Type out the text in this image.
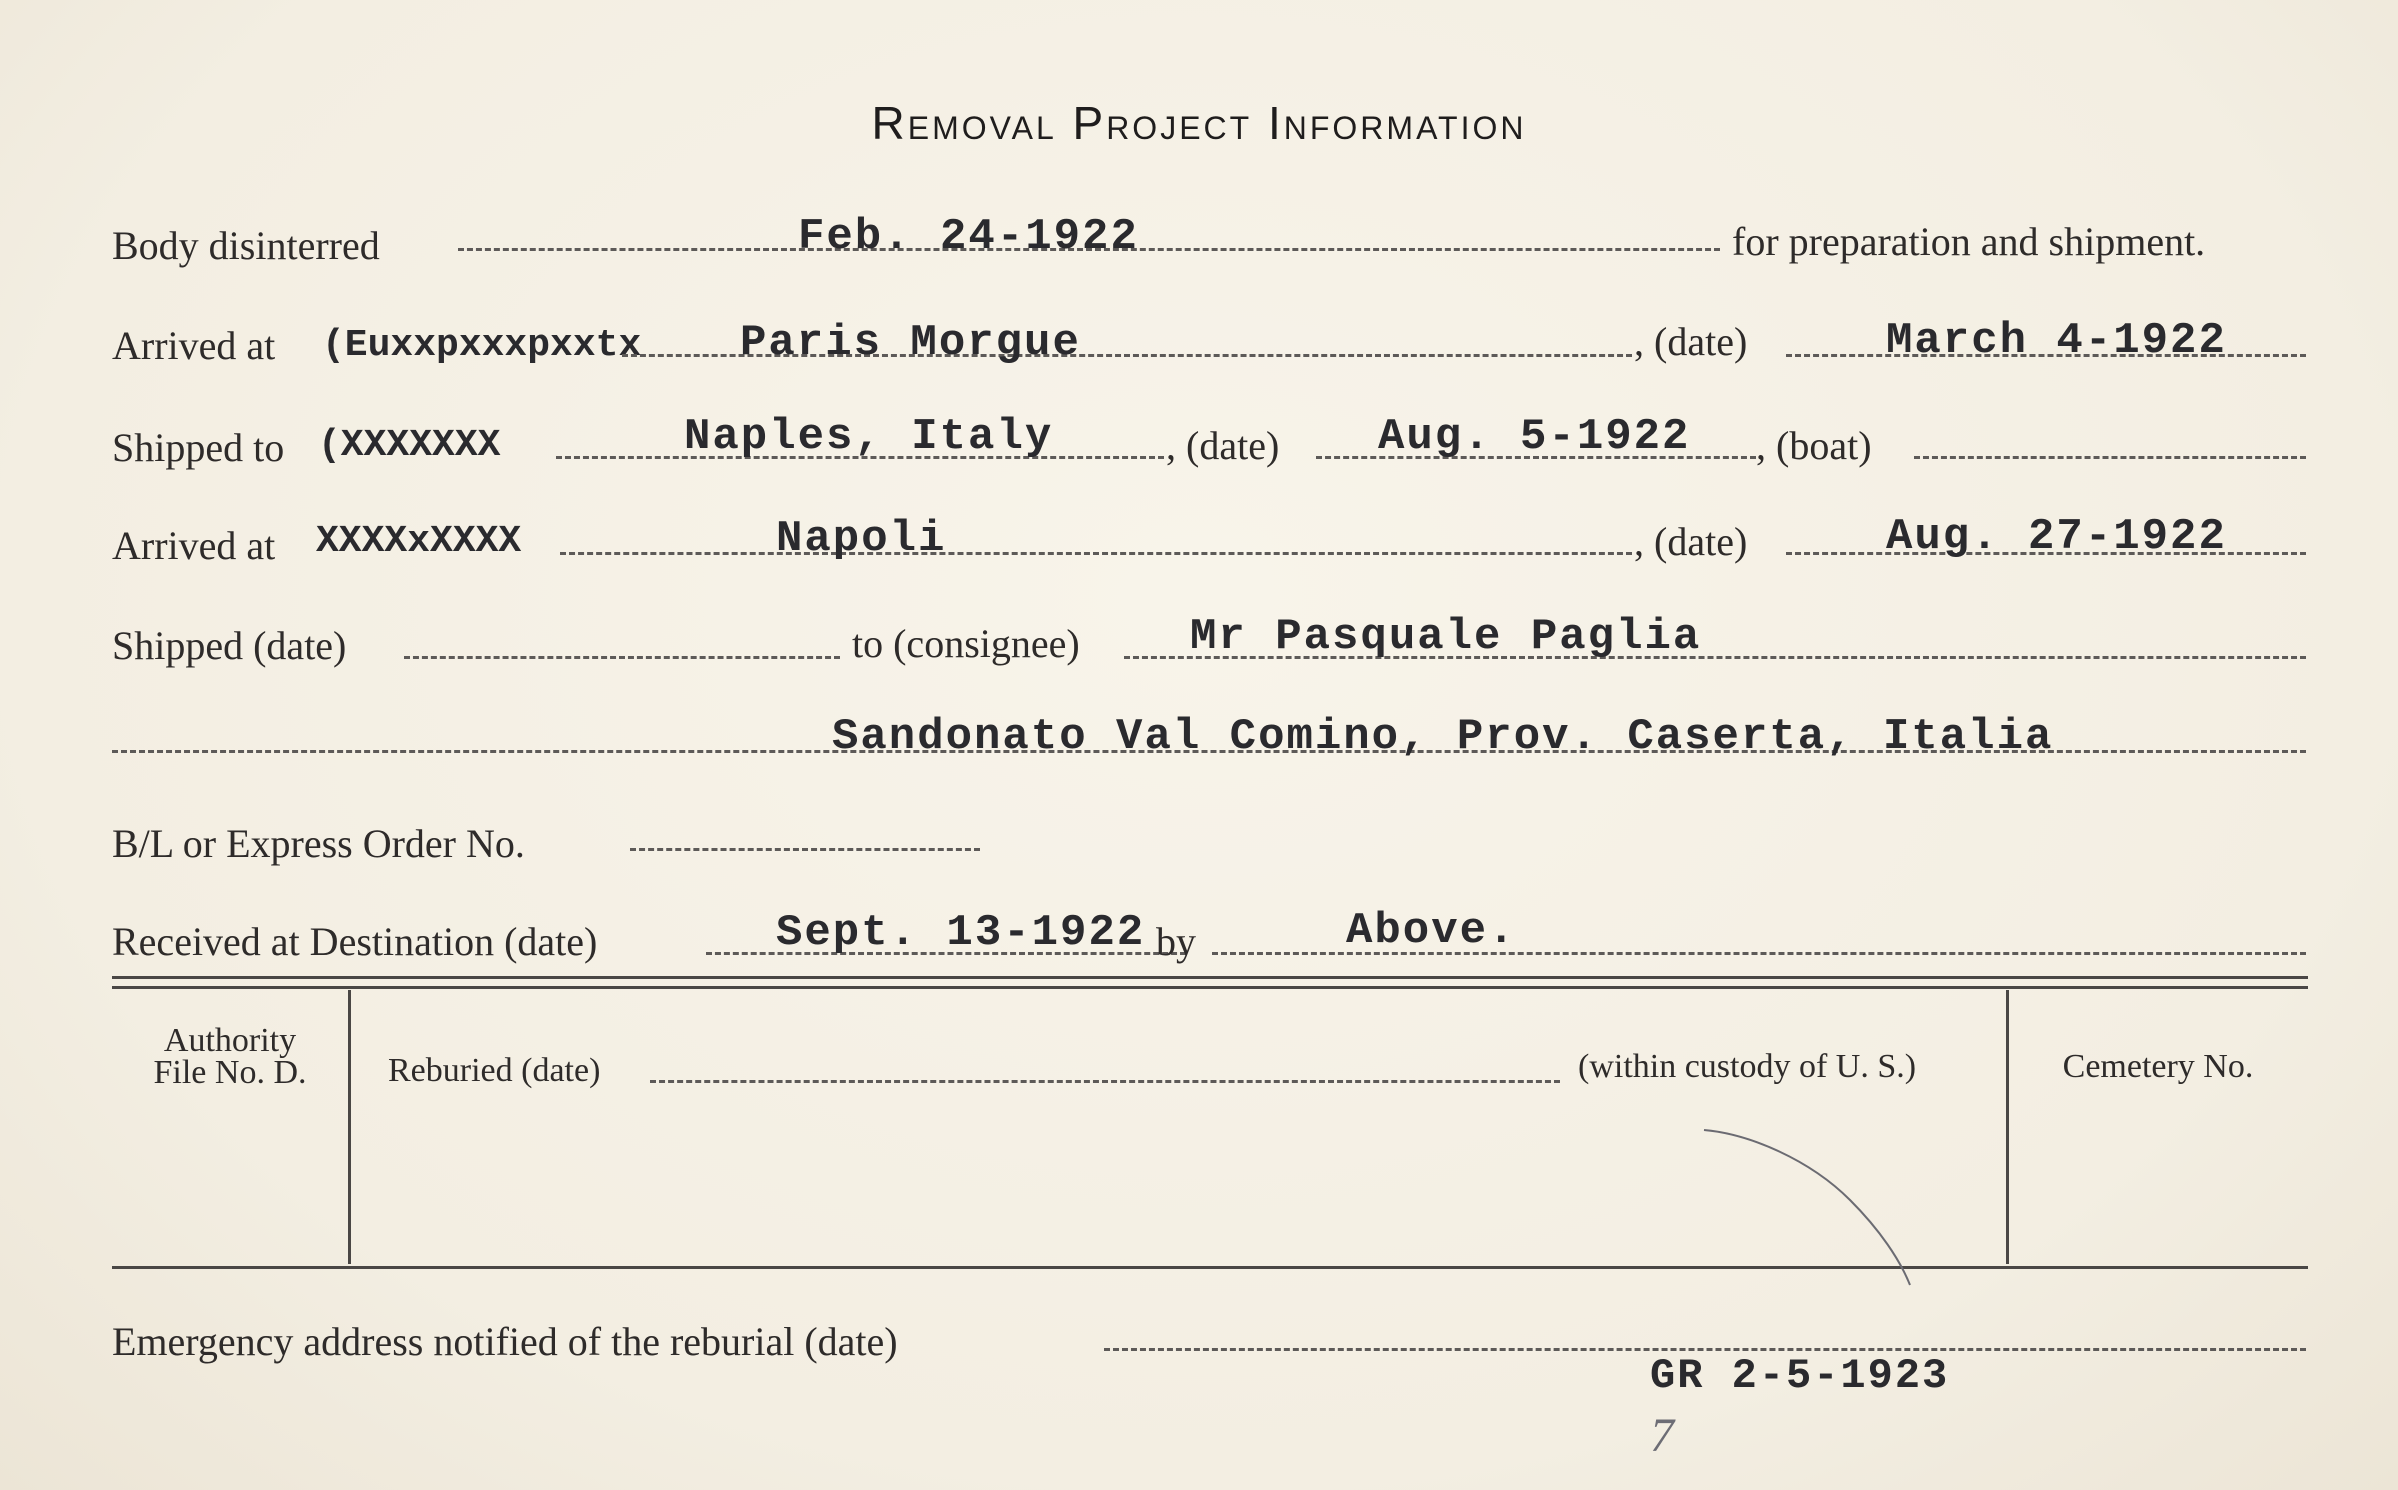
Removal Project Information
Body disinterred	Feb. 24-1922	for preparation and shipment.
Arrived at (Euxxpxxxpxxtx Paris Morgue	, (date)	March 4-1922
Shipped to (XXXXXXX	Naples, Italy	, (date) Aug. 5-1922 , (boat)
Arrived at XXXXxXXXX	Napoli	, (date)	Aug. 27-1922
Shipped (date)	to (consignee)	Mr Pasquale Paglia
Sandonato Val Comino, Prov. Caserta, Italia
B/L or Express Order No.
Received at Destination (date)	Sept. 13-1922 by	Above.
Authority
File No. D.	Reburied (date)	(within custody of U. S.)	Cemetery No.
Emergency address notified of the reburial (date)
GR 2-5-1923
7
